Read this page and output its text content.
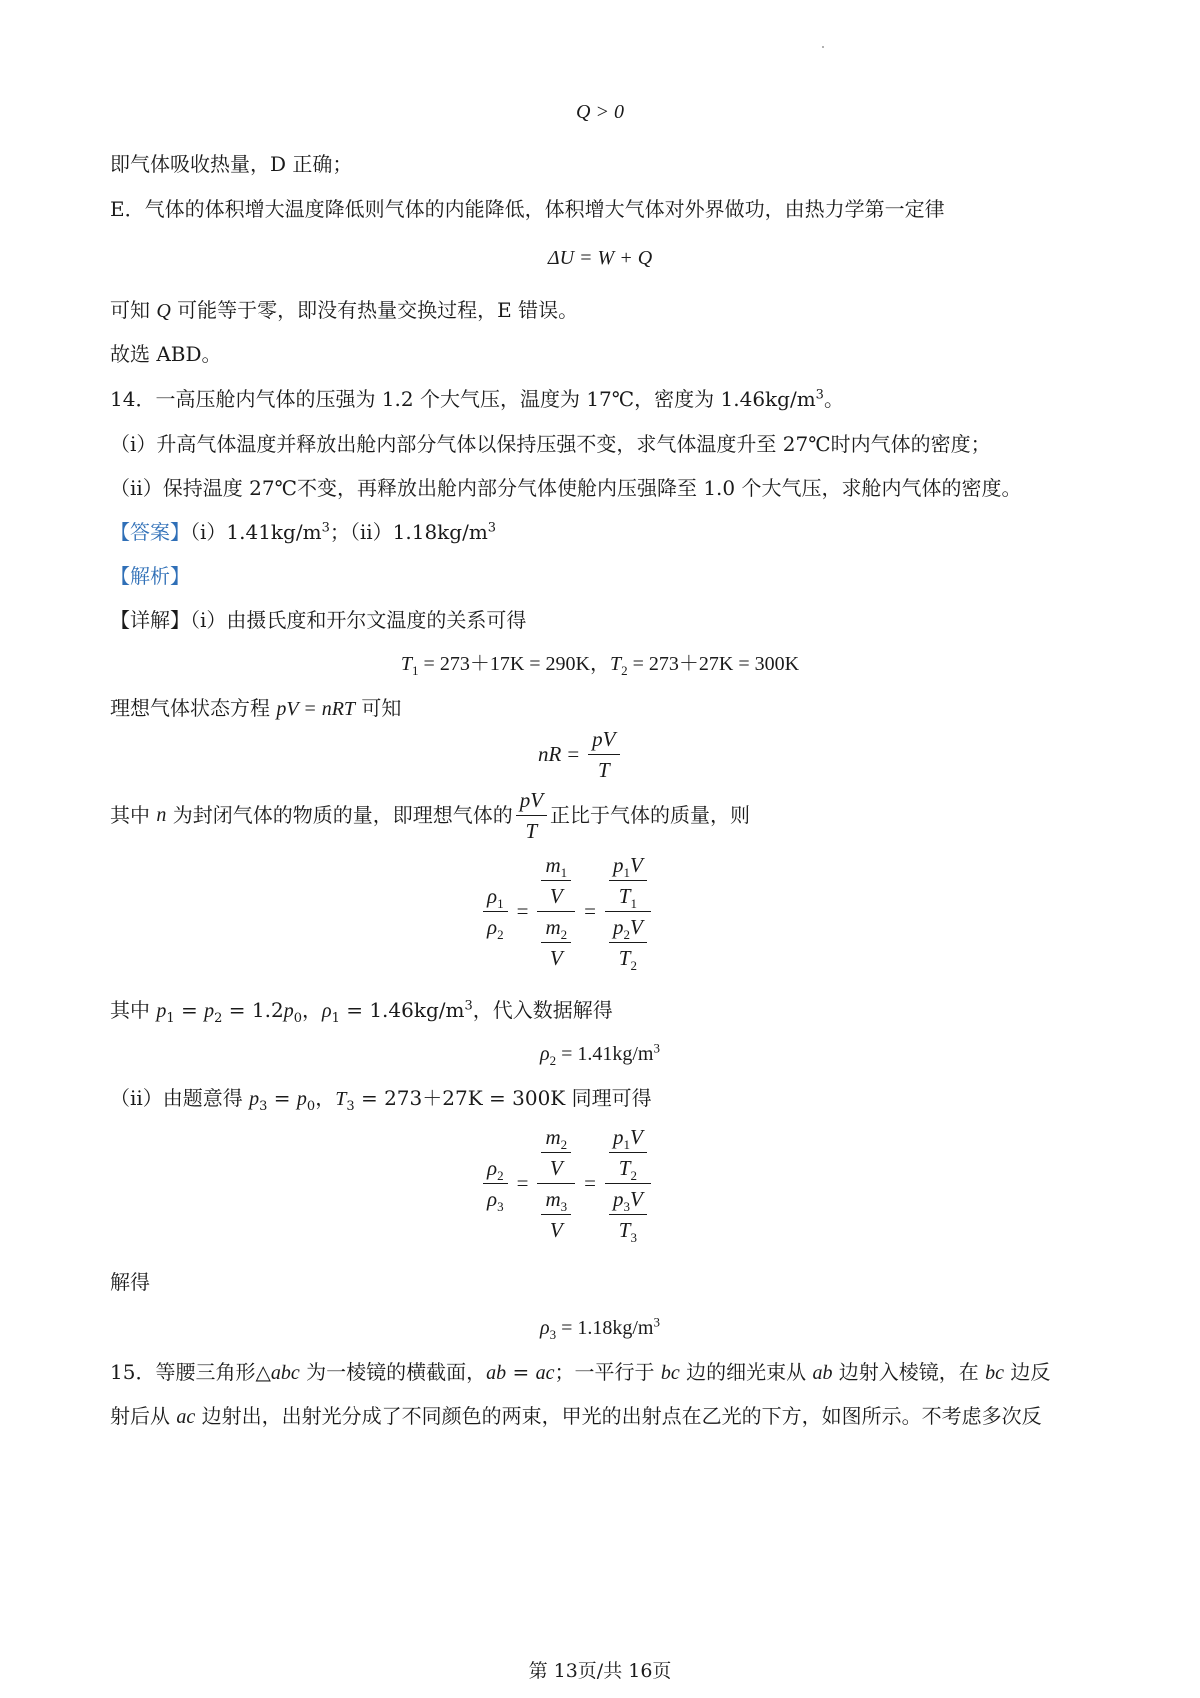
Q > 0
即气体吸收热量，D 正确；
E．气体的体积增大温度降低则气体的内能降低，体积增大气体对外界做功，由热力学第一定律
ΔU = W + Q
可知 Q 可能等于零，即没有热量交换过程，E 错误。
故选 ABD。
14．一高压舱内气体的压强为 1.2 个大气压，温度为 17℃，密度为 $1.46kg/m^3$。
（i）升高气体温度并释放出舱内部分气体以保持压强不变，求气体温度升至 27℃时内气体的密度；
（ii）保持温度 27℃不变，再释放出舱内部分气体使舱内压强降至 1.0 个大气压，求舱内气体的密度。
【答案】$(i)1.41kg/m^3$；$(ii)1.18kg/m^3$
【解析】
【详解】（i）由摄氏度和开尔文温度的关系可得
$T_1 = 273+17K = 290K$，$T_2 = 273+27K = 300K$
理想气体状态方程 pV = nRT 可知
nR = $\frac{pV}{T}$
其中
n
为封闭气体的物质的量，即理想气体的 $\frac{pV}{T}$ 正比于气体的质量，则
$\frac{\rho_1}{\rho_2} = \frac{\frac{m_1}{V}}{\frac{m_2}{V}} = \frac{\frac{p_1V}{T_1}}{\frac{p_2V}{T_2}}$
其中 $p_1 = p_2 = 1.2p_0$，$\rho_1 = 1.46kg/m^3$，代入数据解得
$\rho_2 = 1.41kg/m^3$
（ii）由题意得 $p_3 = p_0$，$T_3 = 273+27K = 300K$ 同理可得
$\frac{\rho_2}{\rho_3} = \frac{\frac{m_2}{V}}{\frac{m_3}{V}} = \frac{\frac{p_1V}{T_2}}{\frac{p_3V}{T_3}}$
解得
$\rho_3 = 1.18kg/m^3$
15．等腰三角形△abc 为一棱镜的横截面，ab = ac；一平行于 bc 边的细光束从 ab 边射入棱镜，在 bc 边反
射后从 ac 边射出，出射光分成了不同颜色的两束，甲光的出射点在乙光的下方，如图所示。不考虑多次反
第 13页/共 16页
